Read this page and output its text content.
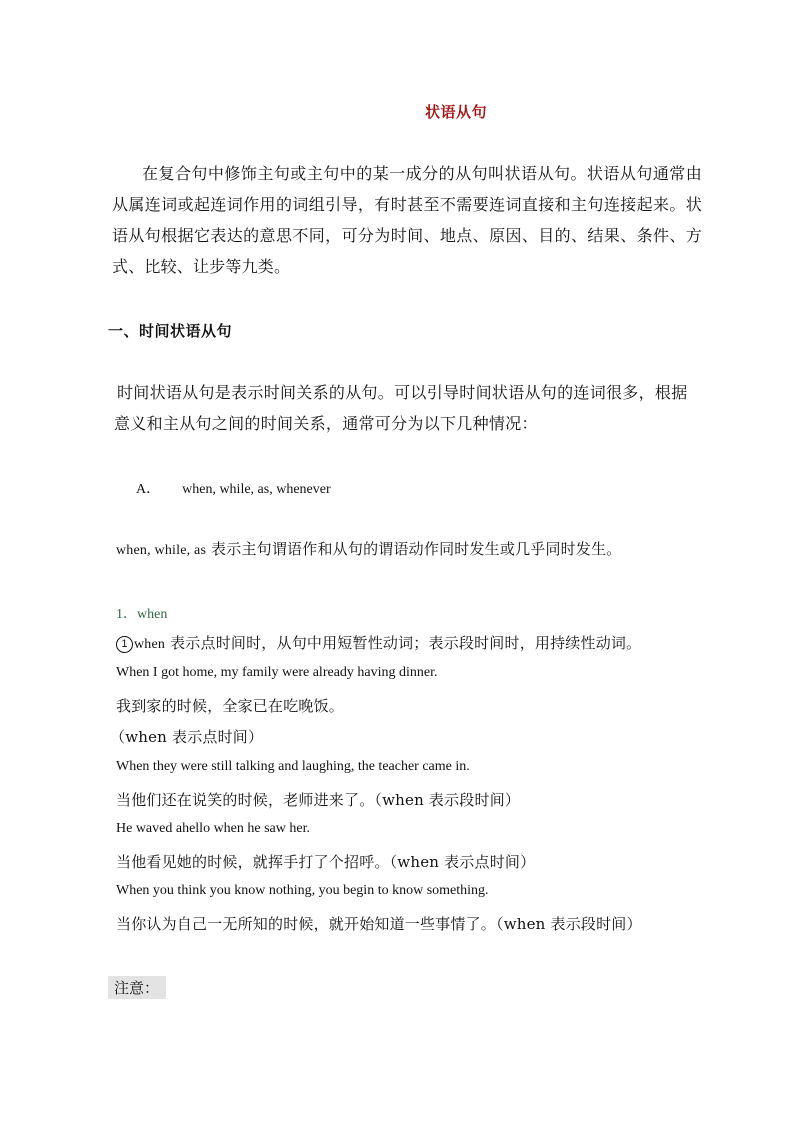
状语从句

在复合句中修饰主句或主句中的某一成分的从句叫状语从句。状语从句通常由从属连词或起连词作用的词组引导，有时甚至不需要连词直接和主句连接起来。状语从句根据它表达的意思不同，可分为时间、地点、原因、目的、结果、条件、方式、比较、让步等九类。

一、时间状语从句

时间状语从句是表示时间关系的从句。可以引导时间状语从句的连词很多，根据意义和主从句之间的时间关系，通常可分为以下几种情况：

A． when, while, as, whenever
when, while, as 表示主句谓语作和从句的谓语动作同时发生或几乎同时发生。
1．when
1 when 表示点时间时，从句中用短暂性动词；表示段时间时，用持续性动词。
When I got home, my family were already having dinner.
我到家的时候，全家已在吃晚饭。
（when 表示点时间）
When they were still talking and laughing, the teacher came in.
当他们还在说笑的时候，老师进来了。（when 表示段时间）
He waved ahello when he saw her.
当他看见她的时候，就挥手打了个招呼。（when 表示点时间）
When you think you know nothing, you begin to know something.
当你认为自己一无所知的时候，就开始知道一些事情了。（when 表示段时间）
注意：
